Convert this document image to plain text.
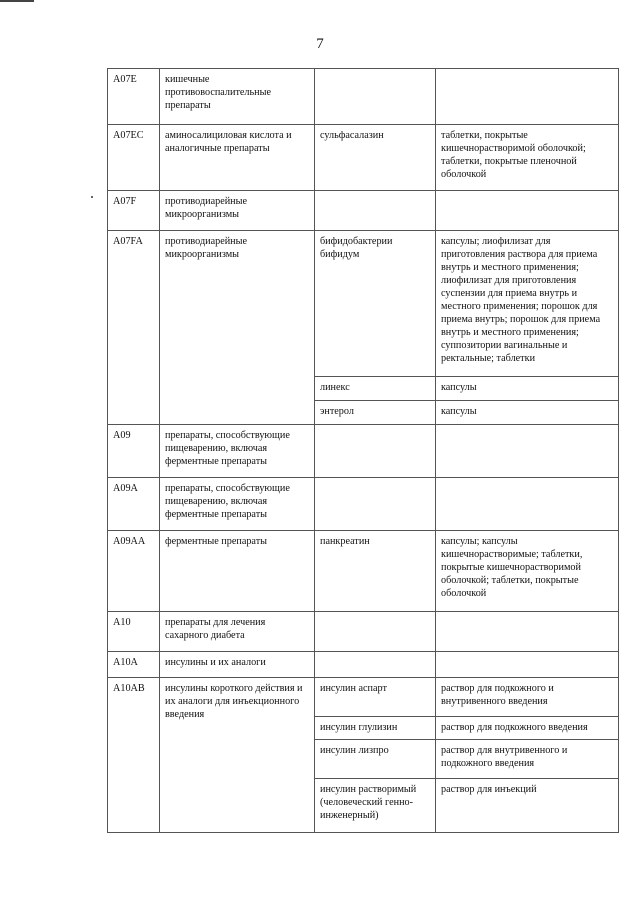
7
A07E	кишечные противовоспалительные препараты		
A07EC	аминосалициловая кислота и аналогичные препараты	сульфасалазин	таблетки, покрытые кишечнорастворимой оболочкой; таблетки, покрытые пленочной оболочкой
A07F	противодиарейные микроорганизмы		
A07FA	противодиарейные микроорганизмы	бифидобактерии бифидум	капсулы; лиофилизат для приготовления раствора для приема внутрь и местного применения; лиофилизат для приготовления суспензии для приема внутрь и местного применения; порошок для приема внутрь; порошок для приема внутрь и местного применения; суппозитории вагинальные и ректальные; таблетки
		линекс	капсулы
		энтерол	капсулы
A09	препараты, способствующие пищеварению, включая ферментные препараты		
A09A	препараты, способствующие пищеварению, включая ферментные препараты		
A09AA	ферментные препараты	панкреатин	капсулы; капсулы кишечнорастворимые; таблетки, покрытые кишечнорастворимой оболочкой; таблетки, покрытые оболочкой
A10	препараты для лечения сахарного диабета		
A10A	инсулины и их аналоги		
A10AB	инсулины короткого действия и их аналоги для инъекционного введения	инсулин аспарт	раствор для подкожного и внутривенного введения
		инсулин глулизин	раствор для подкожного введения
		инсулин лизпро	раствор для внутривенного и подкожного введения
		инсулин растворимый (человеческий генно-инженерный)	раствор для инъекций
